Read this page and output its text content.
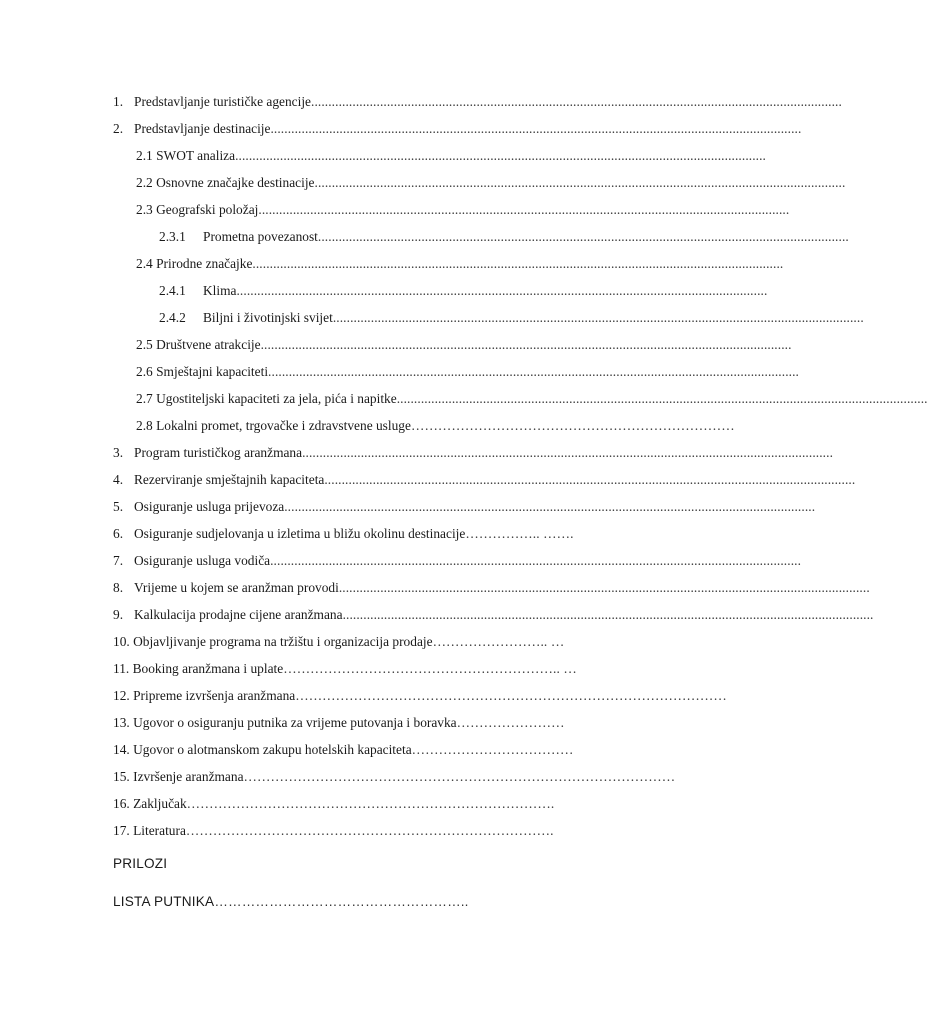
1. Predstavljanje turističke agencije..........................................................................................................................................................
2. Predstavljanje destinacije..........................................................................................................................................................
2.1 SWOT analiza..........................................................................................................................................................
2.2 Osnovne značajke destinacije..........................................................................................................................................................
2.3 Geografski položaj..........................................................................................................................................................
2.3.1 Prometna povezanost..........................................................................................................................................................
2.4 Prirodne značajke..........................................................................................................................................................
2.4.1 Klima..........................................................................................................................................................
2.4.2 Biljni i životinjski svijet..........................................................................................................................................................
2.5 Društvene atrakcije..........................................................................................................................................................
2.6 Smještajni kapaciteti..........................................................................................................................................................
2.7 Ugostiteljski kapaciteti za jela, pića i napitke..........................................................................................................................................................
2.8 Lokalni promet, trgovačke i zdravstvene usluge………………………………………………………………
3. Program turističkog aranžmana..........................................................................................................................................................
4. Rezerviranje smještajnih kapaciteta..........................................................................................................................................................
5. Osiguranje usluga prijevoza..........................................................................................................................................................
6. Osiguranje sudjelovanja u izletima u bližu okolinu destinacije…………….. …….
7. Osiguranje usluga vodiča..........................................................................................................................................................
8. Vrijeme u kojem se aranžman provodi..........................................................................................................................................................
9. Kalkulacija prodajne cijene aranžmana..........................................................................................................................................................
10. Objavljivanje programa na tržištu i organizacija prodaje…………………….. …
11. Booking aranžmana i uplate…………………………………………………….. …
12. Pripreme izvršenja aranžmana……………………………………………………………………………………
13. Ugovor o osiguranju putnika za vrijeme putovanja i boravka……………………
14. Ugovor o alotmanskom zakupu hotelskih kapaciteta………………………………
15. Izvršenje aranžmana……………………………………………………………………………………
16. Zaključak……………………………………………………………………….
17. Literatura……………………………………………………………………….
PRILOZI
LISTA PUTNIKA………………………………………………..
